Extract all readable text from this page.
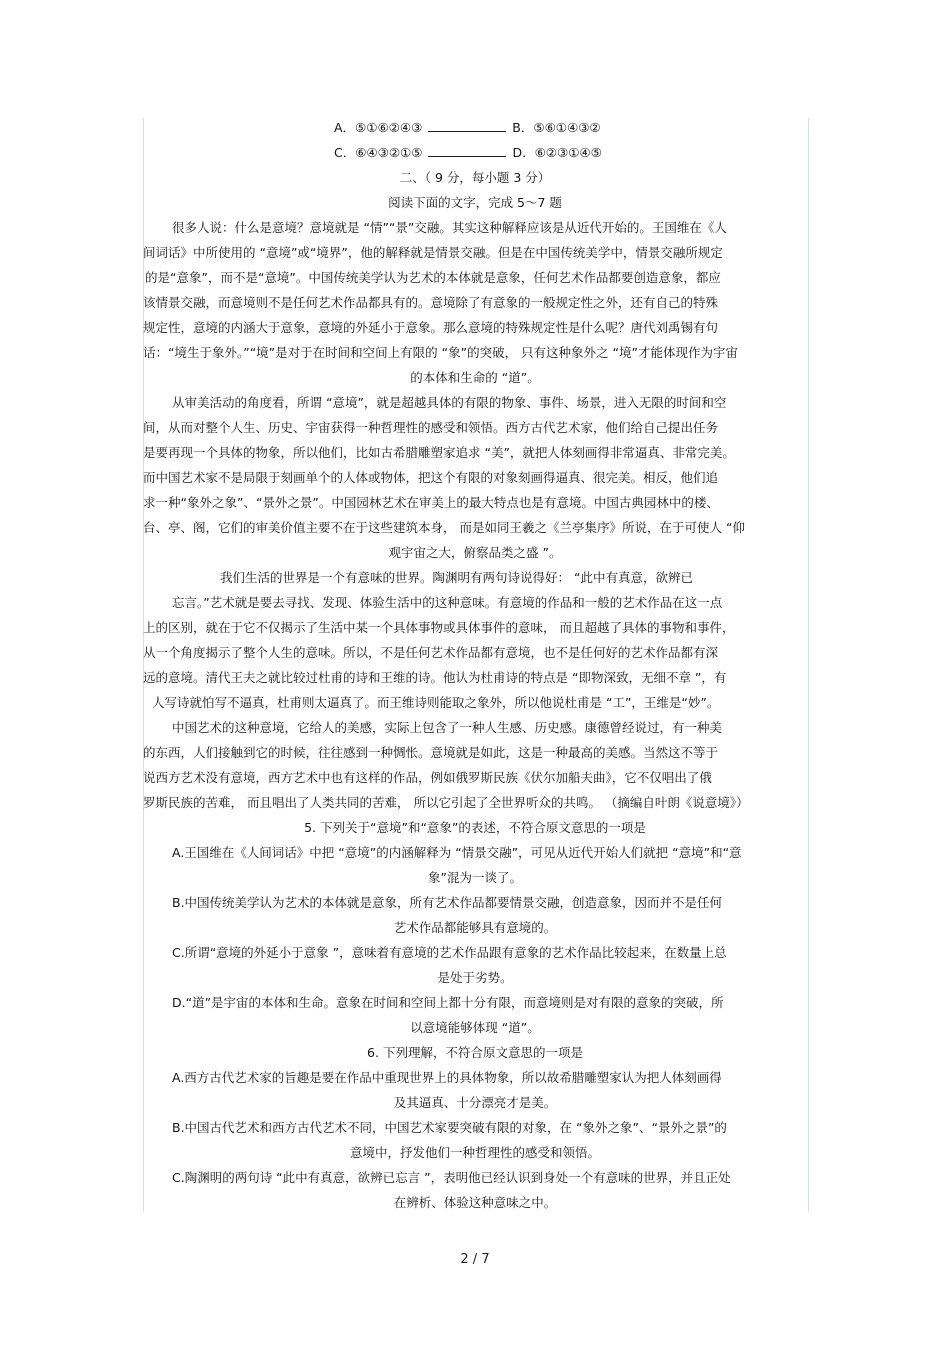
A．⑤①⑥②④③	B．⑤⑥①④③②
C．⑥④③②①⑤	D．⑥②③①④⑤
二、（ 9 分，每小题 3 分）
阅读下面的文字，完成 5～7 题
很多人说：什么是意境？意境就是 “情”“景”交融。其实这种解释应该是从近代开始的。王国维在《人
间词话》中所使用的 “意境”或“境界”，他的解释就是情景交融。但是在中国传统美学中，情景交融所规定
的是“意象”，而不是“意境”。中国传统美学认为艺术的本体就是意象，任何艺术作品都要创造意象，都应
该情景交融，而意境则不是任何艺术作品都具有的。意境除了有意象的一般规定性之外，还有自己的特殊
规定性，意境的内涵大于意象，意境的外延小于意象。那么意境的特殊规定性是什么呢？唐代刘禹锡有句
话：“境生于象外。”“境”是对于在时间和空间上有限的 “象”的突破， 只有这种象外之 “境”才能体现作为宇宙
的本体和生命的 “道”。
从审美活动的角度看，所谓 “意境”，就是超越具体的有限的物象、事件、场景，进入无限的时间和空
间，从而对整个人生、历史、宇宙获得一种哲理性的感受和领悟。西方古代艺术家，他们给自己提出任务
是要再现一个具体的物象，所以他们，比如古希腊雕塑家追求 “美”，就把人体刻画得非常逼真、非常完美。
而中国艺术家不是局限于刻画单个的人体或物体，把这个有限的对象刻画得逼真、很完美。相反，他们追
求一种“象外之象”、“景外之景”。中国园林艺术在审美上的最大特点也是有意境。中国古典园林中的楼、
台、亭、阁，它们的审美价值主要不在于这些建筑本身， 而是如同王羲之《兰亭集序》所说，在于可使人 “仰
观宇宙之大，俯察品类之盛 ”。
我们生活的世界是一个有意味的世界。陶渊明有两句诗说得好： “此中有真意，欲辨已
忘言。”艺术就是要去寻找、发现、体验生活中的这种意味。有意境的作品和一般的艺术作品在这一点
上的区别，就在于它不仅揭示了生活中某一个具体事物或具体事件的意味， 而且超越了具体的事物和事件，
从一个角度揭示了整个人生的意味。所以，不是任何艺术作品都有意境，也不是任何好的艺术作品都有深
远的意境。清代王夫之就比较过杜甫的诗和王维的诗。他认为杜甫诗的特点是 “即物深致，无细不章 ”，有
人写诗就怕写不逼真，杜甫则太逼真了。而王维诗则能取之象外，所以他说杜甫是 “工”，王维是“妙”。
中国艺术的这种意境，它给人的美感，实际上包含了一种人生感、历史感。康德曾经说过，有一种美
的东西，人们接触到它的时候，往往感到一种惆怅。意境就是如此，这是一种最高的美感。当然这不等于
说西方艺术没有意境，西方艺术中也有这样的作品，例如俄罗斯民族《伏尔加船夫曲》，它不仅唱出了俄
罗斯民族的苦难， 而且唱出了人类共同的苦难， 所以它引起了全世界听众的共鸣。 （摘编自叶朗《说意境》）
5. 下列关于“意境”和“意象”的表述，不符合原文意思的一项是
A.王国维在《人间词话》中把 “意境”的内涵解释为 “情景交融”，可见从近代开始人们就把 “意境”和“意
象”混为一谈了。
B.中国传统美学认为艺术的本体就是意象，所有艺术作品都要情景交融，创造意象，因而并不是任何
艺术作品都能够具有意境的。
C.所谓“意境的外延小于意象 ”，意味着有意境的艺术作品跟有意象的艺术作品比较起来，在数量上总
是处于劣势。
D.“道”是宇宙的本体和生命。意象在时间和空间上都十分有限，而意境则是对有限的意象的突破，所
以意境能够体现 “道”。
6. 下列理解，不符合原文意思的一项是
A.西方古代艺术家的旨趣是要在作品中重现世界上的具体物象，所以故希腊雕塑家认为把人体刻画得
及其逼真、十分漂亮才是美。
B.中国古代艺术和西方古代艺术不同，中国艺术家要突破有限的对象，在 “象外之象”、“景外之景”的
意境中，抒发他们一种哲理性的感受和领悟。
C.陶渊明的两句诗 “此中有真意，欲辨已忘言 ”，表明他已经认识到身处一个有意味的世界，并且正处
在辨析、体验这种意味之中。
2 / 7
